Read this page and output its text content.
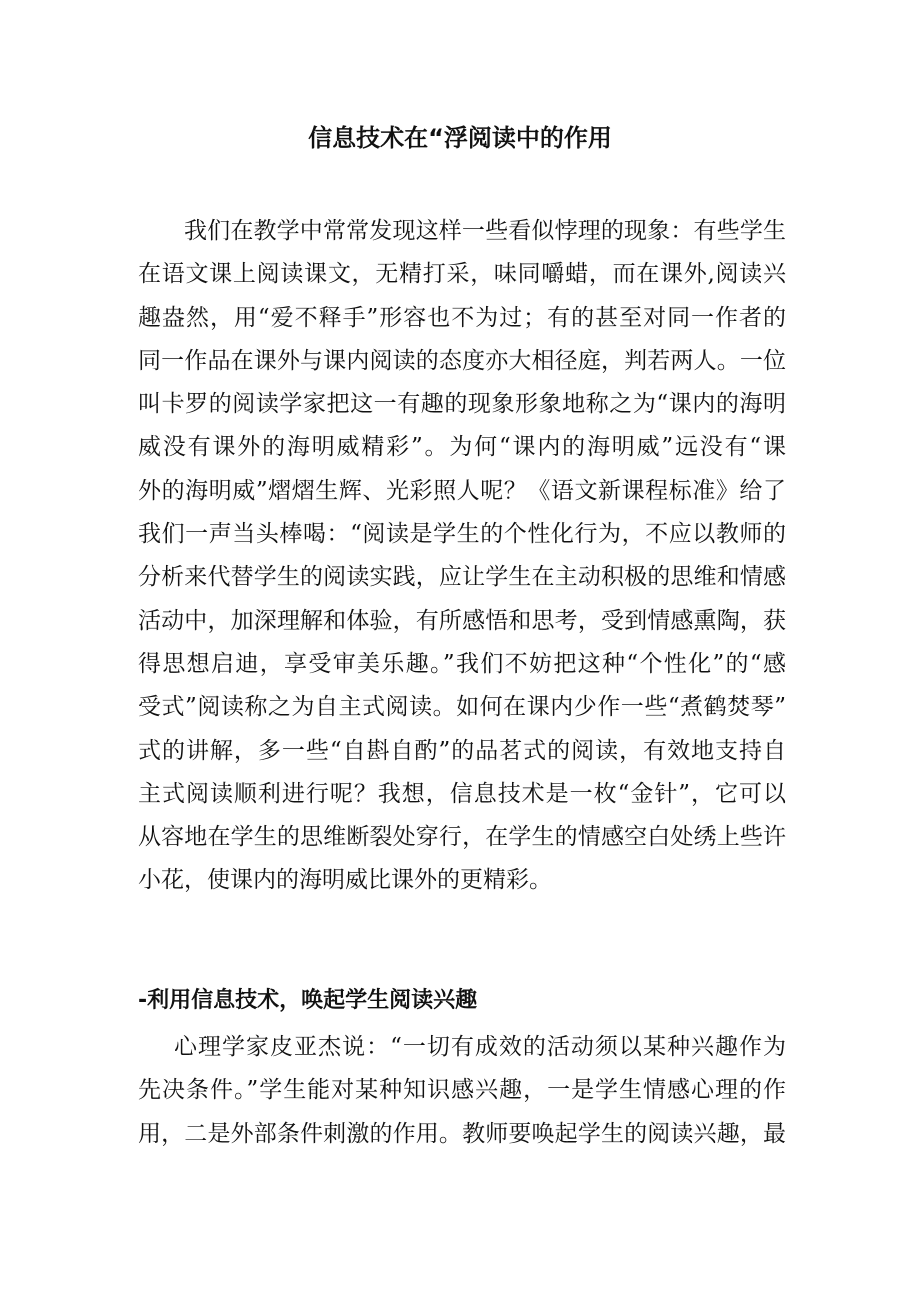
信息技术在“浮阅读中的作用
我们在教学中常常发现这样一些看似悖理的现象：有些学生
在语文课上阅读课文，无精打采，味同嚼蜡，而在课外,阅读兴
趣盎然，用“爱不释手”形容也不为过；有的甚至对同一作者的
同一作品在课外与课内阅读的态度亦大相径庭，判若两人。一位
叫卡罗的阅读学家把这一有趣的现象形象地称之为“课内的海明
威没有课外的海明威精彩”。为何“课内的海明威”远没有“课
外的海明威”熠熠生辉、光彩照人呢？《语文新课程标准》给了
我们一声当头棒喝：“阅读是学生的个性化行为，不应以教师的
分析来代替学生的阅读实践，应让学生在主动积极的思维和情感
活动中，加深理解和体验，有所感悟和思考，受到情感熏陶，获
得思想启迪，享受审美乐趣。”我们不妨把这种“个性化”的“感
受式”阅读称之为自主式阅读。如何在课内少作一些“煮鹤焚琴”
式的讲解，多一些“自斟自酌”的品茗式的阅读，有效地支持自
主式阅读顺利进行呢？我想，信息技术是一枚“金针”，它可以
从容地在学生的思维断裂处穿行，在学生的情感空白处绣上些许
小花，使课内的海明威比课外的更精彩。
-利用信息技术，唤起学生阅读兴趣
心理学家皮亚杰说：“一切有成效的活动须以某种兴趣作为
先决条件。”学生能对某种知识感兴趣，一是学生情感心理的作
用，二是外部条件刺激的作用。教师要唤起学生的阅读兴趣，最
